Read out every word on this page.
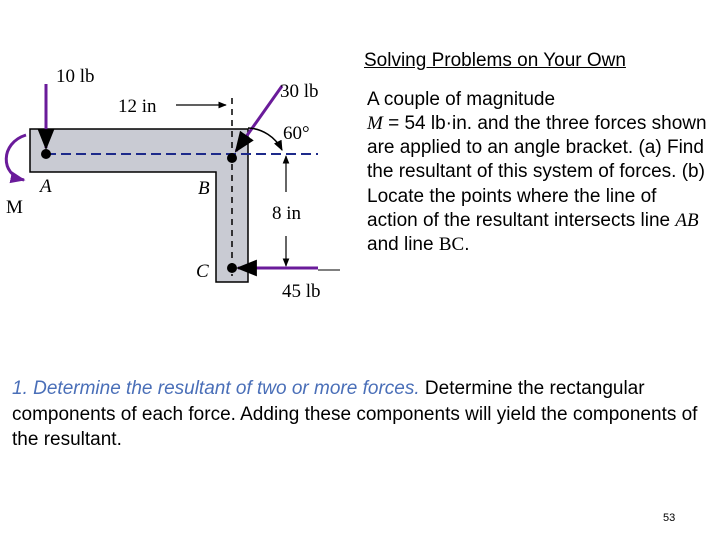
10 lb
30 lb
12 in
60°
A	B
C
8 in
45 lb
M
Solving Problems on Your Own
A couple of magnitude
M = 54 lb·in. and the three forces shown are applied to an angle bracket. (a) Find the resultant of this system of forces. (b) Locate the points where the line of action of the resultant intersects line AB
and line BC.
1. Determine the resultant of two or more forces. Determine the rectangular components of each force. Adding these components will yield the components of the resultant.
53
